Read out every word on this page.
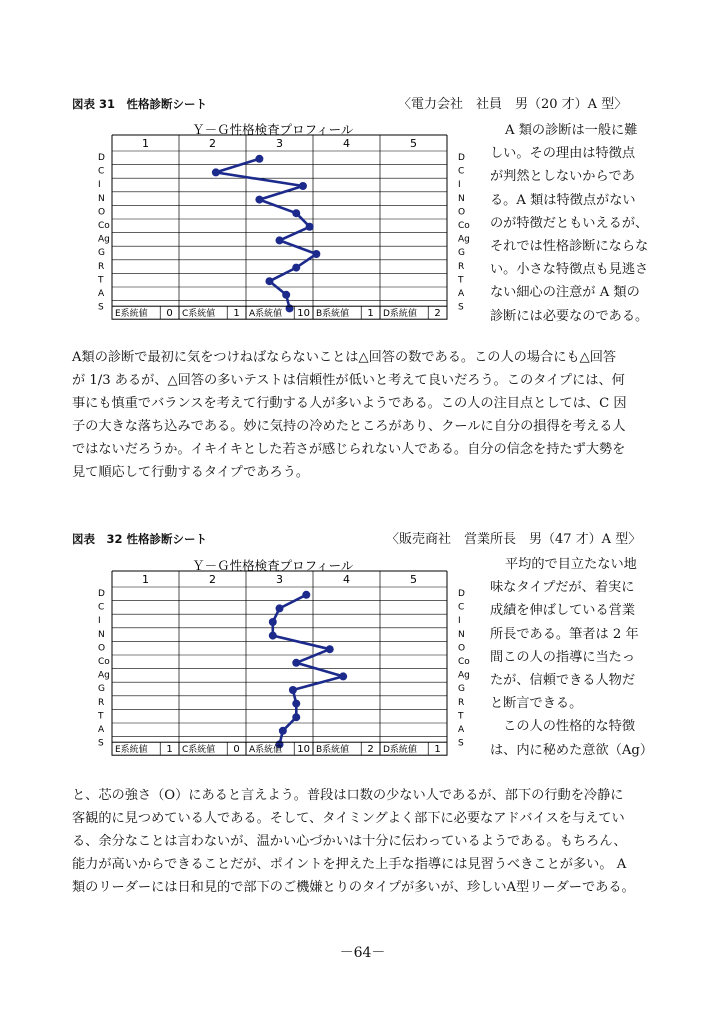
図表 31　性格診断シート	〈電力会社　社員　男（20 才）A 型〉
Ｙ－Ｇ性格検査プロフィール
1	2	3	4	5
D	D
C	C
I	I
N	N
O	O
Co	Co
Ag	Ag
G	G
R	R
T	T
A	A
S	S
E系統値 0 C系統値 1 A系統値 10 B系統値 1 D系統値 2

A 類の診断は一般に難

しい。その理由は特徴点

が判然としないからであ

る。A 類は特徴点がない

のが特徴だともいえるが、

それでは性格診断にならな

い。小さな特徴点も見逃さ

ない細心の注意が A 類の

診断には必要なのである。

A類の診断で最初に気をつけねばならないことは△回答の数である。この人の場合にも△回答

が 1/3 あるが、△回答の多いテストは信頼性が低いと考えて良いだろう。このタイプには、何

事にも慎重でバランスを考えて行動する人が多いようである。この人の注目点としては、C 因

子の大きな落ち込みである。妙に気持の冷めたところがあり、クールに自分の損得を考える人

ではないだろうか。イキイキとした若さが感じられない人である。自分の信念を持たず大勢を

見て順応して行動するタイプであろう。

図表　32 性格診断シート	〈販売商社　営業所長　男（47 才）A 型〉
Ｙ－Ｇ性格検査プロフィール
1	2	3	4	5
D	D
C	C
I	I
N	N
O	O
Co	Co
Ag	Ag
G	G
R	R
T	T
A	A
S	S
E系統値 1 C系統値 0 A系統値 10 B系統値 2 D系統値 1

平均的で目立たない地

味なタイプだが、着実に

成績を伸ばしている営業

所長である。筆者は 2 年

間この人の指導に当たっ

たが、信頼できる人物だ

と断言できる。

　この人の性格的な特徴

は、内に秘めた意欲（Ag）

と、芯の強さ（O）にあると言えよう。普段は口数の少ない人であるが、部下の行動を冷静に

客観的に見つめている人である。そして、タイミングよく部下に必要なアドバイスを与えてい

る、余分なことは言わないが、温かい心づかいは十分に伝わっているようである。もちろん、

能力が高いからできることだが、ポイントを押えた上手な指導には見習うべきことが多い。 A

類のリーダーには日和見的で部下のご機嫌とりのタイプが多いが、珍しいA型リーダーである。

－64－
